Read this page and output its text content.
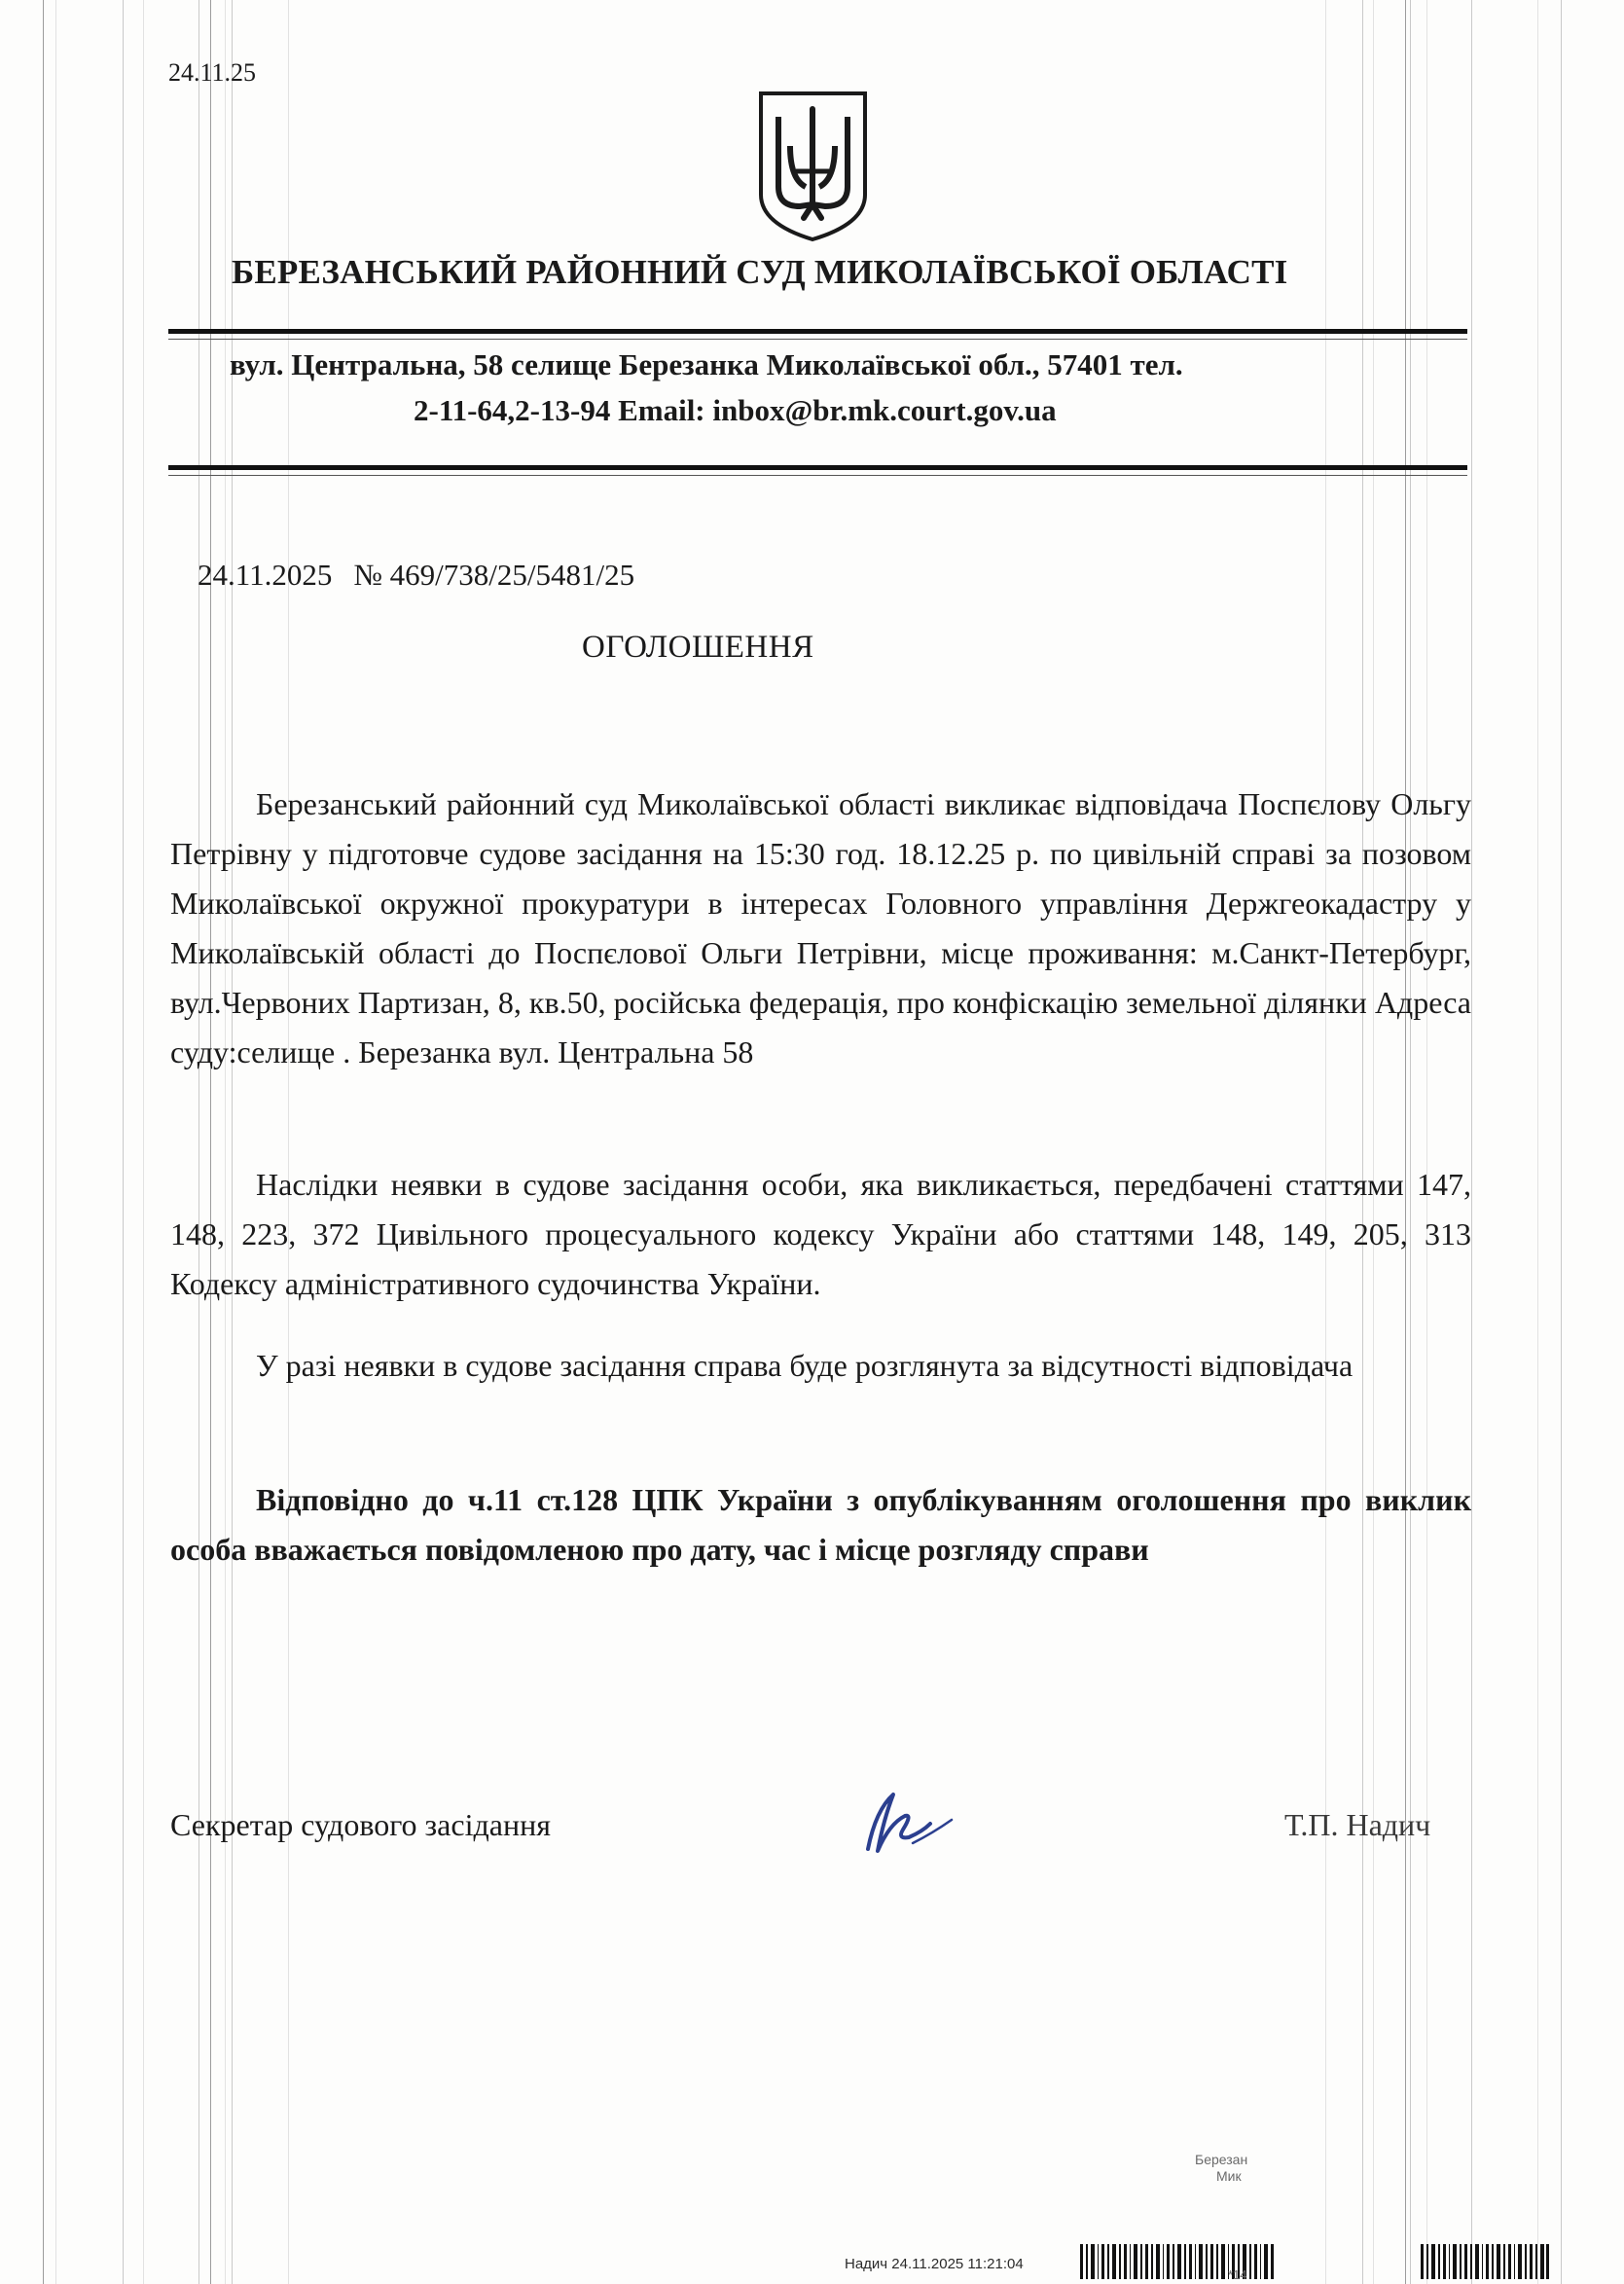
24.11.25
БЕРЕЗАНСЬКИЙ РАЙОННИЙ СУД МИКОЛАЇВСЬКОЇ ОБЛАСТІ
вул. Центральна, 58 селище Березанка Миколаївської обл., 57401 тел.
2-11-64,2-13-94 Email: inbox@br.mk.court.gov.ua
24.11.2025 № 469/738/25/5481/25
ОГОЛОШЕННЯ

Березанський районний суд Миколаївської області викликає відповідача Поспєлову Ольгу Петрівну у підготовче судове засідання на 15:30 год. 18.12.25 р. по цивільній справі за позовом Миколаївської окружної прокуратури в інтересах Головного управління Держгеокадастру у Миколаївській області до Поспєлової Ольги Петрівни, місце проживання: м.Санкт-Петербург, вул.Червоних Партизан, 8, кв.50, російська федерація, про конфіскацію земельної ділянки Адреса суду:селище . Березанка вул. Центральна 58

Наслідки неявки в судове засідання особи, яка викликається, передбачені статтями 147, 148, 223, 372 Цивільного процесуального кодексу України або статтями 148, 149, 205, 313 Кодексу адміністративного судочинства України.

У разі неявки в судове засідання справа буде розглянута за відсутності відповідача

Відповідно до ч.11 ст.128 ЦПК України з опублікуванням оголошення про виклик особа вважається повідомленою про дату, час і місце розгляду справи

Секретар судового засідання	Т.П. Надич
Березан
Мик
Надич 24.11.2025 11:21:04
*14
